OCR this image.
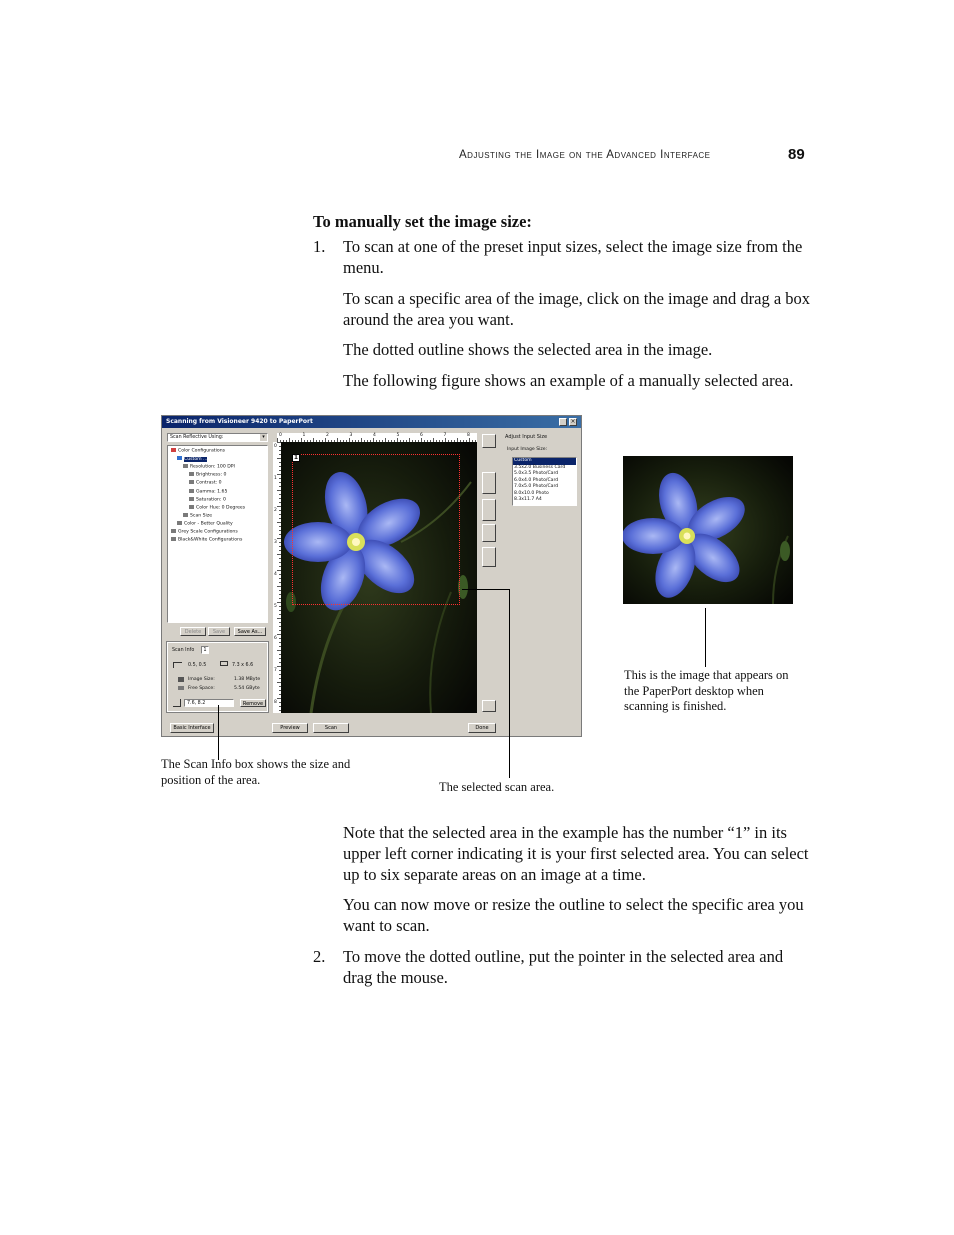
Adjusting the Image on the Advanced Interface	89
To manually set the image size:
1. To scan at one of the preset input sizes, select the image size from the menu.
To scan a specific area of the image, click on the image and drag a box around the area you want.
The dotted outline shows the selected area in the image.
The following figure shows an example of a manually selected area.
Scanning from Visioneer 9420 to PaperPort	×
Scan Reflective Using:	▾
Color Configurations
Custom ...
Resolution: 100 DPI
Brightness: 0
Contrast: 0
Gamma: 1.65
Saturation: 0
Color Hue: 0 Degrees
Scan Size
Color - Better Quality
Grey Scale Configurations
Black&White Configurations
Delete	Save	Save As...
Scan Info	1
0.5, 0.5	7.3 x 6.6
Image Size:	1.38 MByte
Free Space:	5.54 GByte
7.6, 8.2	Remove
0	1	2	3	4	5	6	7	8
0
1
2
3
4
5
6
7
8
1
Adjust Input Size
Input Image Size:
Custom
3.5x2.0 Business Card
5.0x3.5 Photo/Card
6.0x4.0 Photo/Card
7.0x5.0 Photo/Card
8.0x10.0 Photo
8.3x11.7 A4
Basic Interface	Preview	Scan	Done
The Scan Info box shows the size and position of the area.
The selected scan area.
This is the image that appears on the PaperPort desktop when scanning is finished.
Note that the selected area in the example has the number “1” in its upper left corner indicating it is your first selected area. You can select up to six separate areas on an image at a time.
You can now move or resize the outline to select the specific area you want to scan.
2. To move the dotted outline, put the pointer in the selected area and drag the mouse.
